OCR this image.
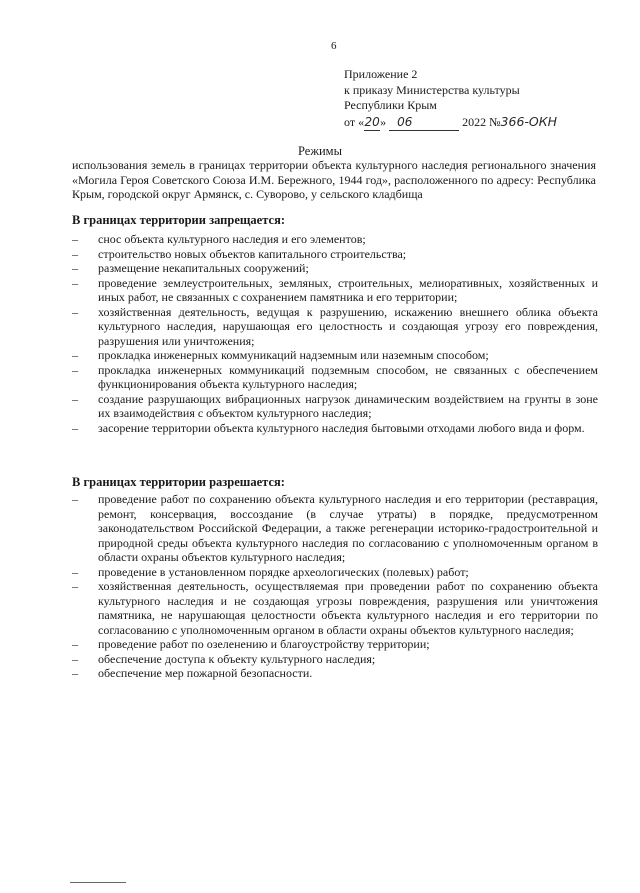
6
Приложение 2
к приказу Министерства культуры
Республики Крым
от «20» 06	2022 №366-ОКН
Режимы
использования земель в границах территории объекта культурного наследия регионального значения «Могила Героя Советского Союза И.М. Бережного, 1944 год», расположенного по адресу: Республика Крым, городской округ Армянск, с. Суворово, у сельского кладбища
В границах территории запрещается:
– снос объекта культурного наследия и его элементов;
– строительство новых объектов капитального строительства;
– размещение некапитальных сооружений;
– проведение землеустроительных, земляных, строительных, мелиоративных, хозяйственных и иных работ, не связанных с сохранением памятника и его территории;
– хозяйственная деятельность, ведущая к разрушению, искажению внешнего облика объекта культурного наследия, нарушающая его целостность и создающая угрозу его повреждения, разрушения или уничтожения;
– прокладка инженерных коммуникаций надземным или наземным способом;
– прокладка инженерных коммуникаций подземным способом, не связанных с обеспечением функционирования объекта культурного наследия;
– создание разрушающих вибрационных нагрузок динамическим воздействием на грунты в зоне их взаимодействия с объектом культурного наследия;
– засорение территории объекта культурного наследия бытовыми отходами любого вида и форм.
В границах территории разрешается:
– проведение работ по сохранению объекта культурного наследия и его территории (реставрация, ремонт, консервация, воссоздание (в случае утраты) в порядке, предусмотренном законодательством Российской Федерации, а также регенерации историко-градостроительной и природной среды объекта культурного наследия по согласованию с уполномоченным органом в области охраны объектов культурного наследия;
– проведение в установленном порядке археологических (полевых) работ;
– хозяйственная деятельность, осуществляемая при проведении работ по сохранению объекта культурного наследия и не создающая угрозы повреждения, разрушения или уничтожения памятника, не нарушающая целостности объекта культурного наследия и его территории по согласованию с уполномоченным органом в области охраны объектов культурного наследия;
– проведение работ по озеленению и благоустройству территории;
– обеспечение доступа к объекту культурного наследия;
– обеспечение мер пожарной безопасности.
